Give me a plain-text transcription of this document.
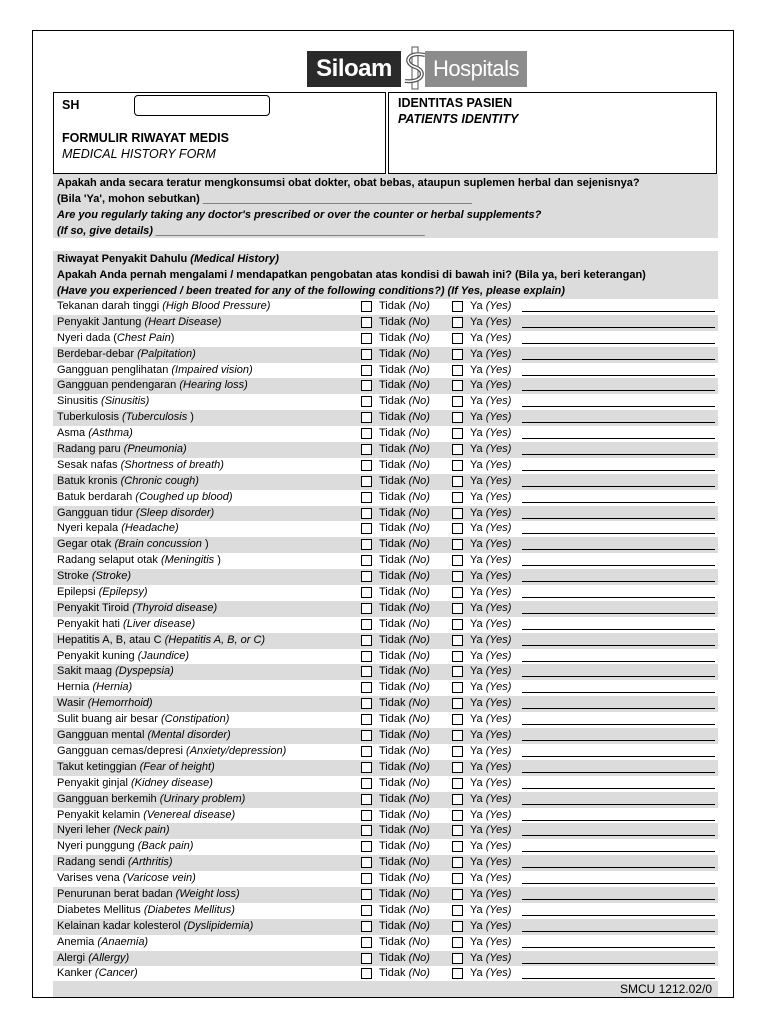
Siloam	Hospitals
SH
FORMULIR RIWAYAT MEDIS
MEDICAL HISTORY FORM
IDENTITAS PASIEN
PATIENTS IDENTITY
Apakah anda secara teratur mengkonsumsi obat dokter, obat bebas, ataupun suplemen herbal dan sejenisnya?
(Bila 'Ya', mohon sebutkan) ____________________________________________
Are you regularly taking any doctor's prescribed or over the counter or herbal supplements?
(If so, give details) ____________________________________________
Riwayat Penyakit Dahulu (Medical History)
Apakah Anda pernah mengalami / mendapatkan pengobatan atas kondisi di bawah ini? (Bila ya, beri keterangan)
(Have you experienced / been treated for any of the following conditions?) (If Yes, please explain)
Tekanan darah tinggi (High Blood Pressure)	Tidak (No)	Ya (Yes)
Penyakit Jantung (Heart Disease)	Tidak (No)	Ya (Yes)
Nyeri dada (Chest Pain)	Tidak (No)	Ya (Yes)
Berdebar-debar (Palpitation)	Tidak (No)	Ya (Yes)
Gangguan penglihatan (Impaired vision)	Tidak (No)	Ya (Yes)
Gangguan pendengaran (Hearing loss)	Tidak (No)	Ya (Yes)
Sinusitis (Sinusitis)	Tidak (No)	Ya (Yes)
Tuberkulosis (Tuberculosis )	Tidak (No)	Ya (Yes)
Asma (Asthma)	Tidak (No)	Ya (Yes)
Radang paru (Pneumonia)	Tidak (No)	Ya (Yes)
Sesak nafas (Shortness of breath)	Tidak (No)	Ya (Yes)
Batuk kronis (Chronic cough)	Tidak (No)	Ya (Yes)
Batuk berdarah (Coughed up blood)	Tidak (No)	Ya (Yes)
Gangguan tidur (Sleep disorder)	Tidak (No)	Ya (Yes)
Nyeri kepala (Headache)	Tidak (No)	Ya (Yes)
Gegar otak (Brain concussion )	Tidak (No)	Ya (Yes)
Radang selaput otak (Meningitis )	Tidak (No)	Ya (Yes)
Stroke (Stroke)	Tidak (No)	Ya (Yes)
Epilepsi (Epilepsy)	Tidak (No)	Ya (Yes)
Penyakit Tiroid (Thyroid disease)	Tidak (No)	Ya (Yes)
Penyakit hati (Liver disease)	Tidak (No)	Ya (Yes)
Hepatitis A, B, atau C (Hepatitis A, B, or C)	Tidak (No)	Ya (Yes)
Penyakit kuning (Jaundice)	Tidak (No)	Ya (Yes)
Sakit maag (Dyspepsia)	Tidak (No)	Ya (Yes)
Hernia (Hernia)	Tidak (No)	Ya (Yes)
Wasir (Hemorrhoid)	Tidak (No)	Ya (Yes)
Sulit buang air besar (Constipation)	Tidak (No)	Ya (Yes)
Gangguan mental (Mental disorder)	Tidak (No)	Ya (Yes)
Gangguan cemas/depresi (Anxiety/depression)	Tidak (No)	Ya (Yes)
Takut ketinggian (Fear of height)	Tidak (No)	Ya (Yes)
Penyakit ginjal (Kidney disease)	Tidak (No)	Ya (Yes)
Gangguan berkemih (Urinary problem)	Tidak (No)	Ya (Yes)
Penyakit kelamin (Venereal disease)	Tidak (No)	Ya (Yes)
Nyeri leher (Neck pain)	Tidak (No)	Ya (Yes)
Nyeri punggung (Back pain)	Tidak (No)	Ya (Yes)
Radang sendi (Arthritis)	Tidak (No)	Ya (Yes)
Varises vena (Varicose vein)	Tidak (No)	Ya (Yes)
Penurunan berat badan (Weight loss)	Tidak (No)	Ya (Yes)
Diabetes Mellitus (Diabetes Mellitus)	Tidak (No)	Ya (Yes)
Kelainan kadar kolesterol (Dyslipidemia)	Tidak (No)	Ya (Yes)
Anemia (Anaemia)	Tidak (No)	Ya (Yes)
Alergi (Allergy)	Tidak (No)	Ya (Yes)
Kanker (Cancer)	Tidak (No)	Ya (Yes)
SMCU 1212.02/0
